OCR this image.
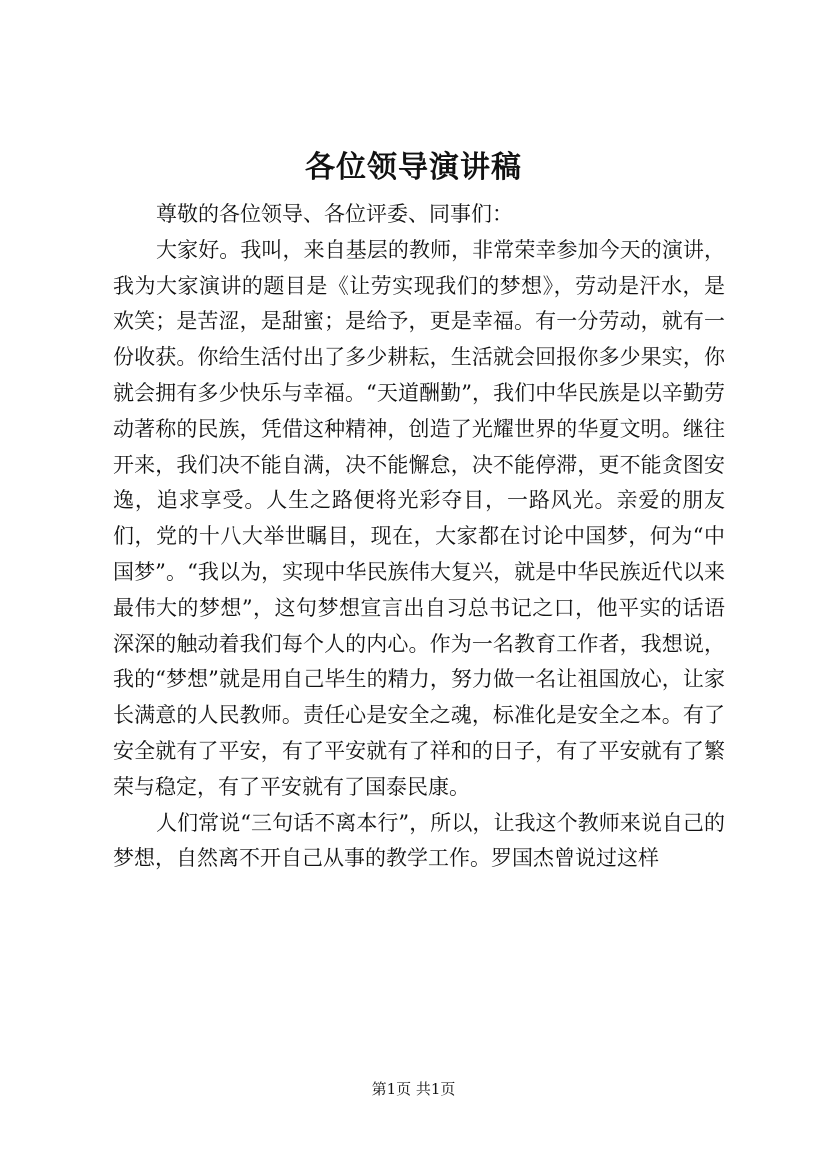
各位领导演讲稿

尊敬的各位领导、各位评委、同事们：

大家好。我叫，来自基层的教师，非常荣幸参加今天的演讲，我为大家演讲的题目是《让劳实现我们的梦想》，劳动是汗水，是欢笑；是苦涩，是甜蜜；是给予，更是幸福。有一分劳动，就有一份收获。你给生活付出了多少耕耘，生活就会回报你多少果实，你就会拥有多少快乐与幸福。“天道酬勤”，我们中华民族是以辛勤劳动著称的民族，凭借这种精神，创造了光耀世界的华夏文明。继往开来，我们决不能自满，决不能懈怠，决不能停滞，更不能贪图安逸，追求享受。人生之路便将光彩夺目，一路风光。亲爱的朋友们，党的十八大举世瞩目，现在，大家都在讨论中国梦，何为“中国梦”。“我以为，实现中华民族伟大复兴，就是中华民族近代以来最伟大的梦想”，这句梦想宣言出自习总书记之口，他平实的话语深深的触动着我们每个人的内心。作为一名教育工作者，我想说，我的“梦想”就是用自己毕生的精力，努力做一名让祖国放心，让家长满意的人民教师。责任心是安全之魂，标准化是安全之本。有了安全就有了平安，有了平安就有了祥和的日子，有了平安就有了繁荣与稳定，有了平安就有了国泰民康。

人们常说“三句话不离本行”，所以，让我这个教师来说自己的梦想，自然离不开自己从事的教学工作。罗国杰曾说过这样

第1页 共1页
